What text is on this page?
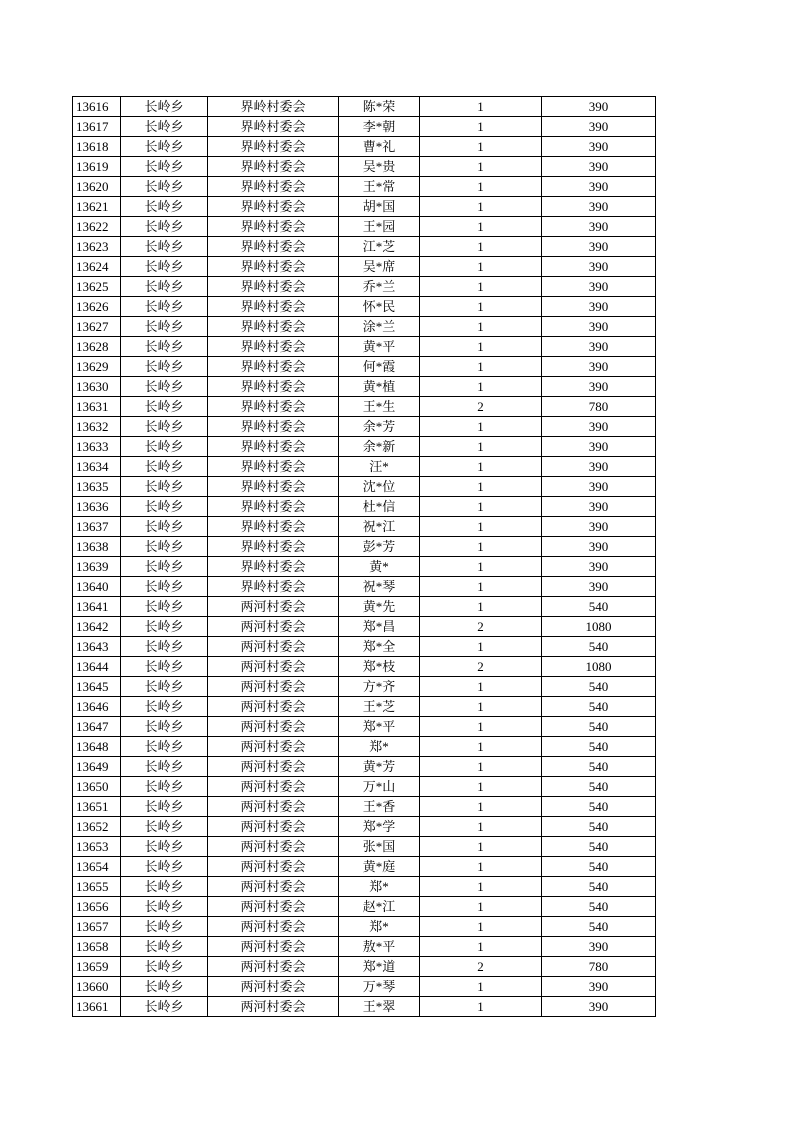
13616	长岭乡	界岭村委会	陈*荣	1	390
13617	长岭乡	界岭村委会	李*朝	1	390
13618	长岭乡	界岭村委会	曹*礼	1	390
13619	长岭乡	界岭村委会	吴*贵	1	390
13620	长岭乡	界岭村委会	王*常	1	390
13621	长岭乡	界岭村委会	胡*国	1	390
13622	长岭乡	界岭村委会	王*园	1	390
13623	长岭乡	界岭村委会	江*芝	1	390
13624	长岭乡	界岭村委会	吴*席	1	390
13625	长岭乡	界岭村委会	乔*兰	1	390
13626	长岭乡	界岭村委会	怀*民	1	390
13627	长岭乡	界岭村委会	涂*兰	1	390
13628	长岭乡	界岭村委会	黄*平	1	390
13629	长岭乡	界岭村委会	何*霞	1	390
13630	长岭乡	界岭村委会	黄*植	1	390
13631	长岭乡	界岭村委会	王*生	2	780
13632	长岭乡	界岭村委会	余*芳	1	390
13633	长岭乡	界岭村委会	余*新	1	390
13634	长岭乡	界岭村委会	汪*	1	390
13635	长岭乡	界岭村委会	沈*位	1	390
13636	长岭乡	界岭村委会	杜*信	1	390
13637	长岭乡	界岭村委会	祝*江	1	390
13638	长岭乡	界岭村委会	彭*芳	1	390
13639	长岭乡	界岭村委会	黄*	1	390
13640	长岭乡	界岭村委会	祝*琴	1	390
13641	长岭乡	两河村委会	黄*先	1	540
13642	长岭乡	两河村委会	郑*昌	2	1080
13643	长岭乡	两河村委会	郑*全	1	540
13644	长岭乡	两河村委会	郑*枝	2	1080
13645	长岭乡	两河村委会	方*齐	1	540
13646	长岭乡	两河村委会	王*芝	1	540
13647	长岭乡	两河村委会	郑*平	1	540
13648	长岭乡	两河村委会	郑*	1	540
13649	长岭乡	两河村委会	黄*芳	1	540
13650	长岭乡	两河村委会	万*山	1	540
13651	长岭乡	两河村委会	王*香	1	540
13652	长岭乡	两河村委会	郑*学	1	540
13653	长岭乡	两河村委会	张*国	1	540
13654	长岭乡	两河村委会	黄*庭	1	540
13655	长岭乡	两河村委会	郑*	1	540
13656	长岭乡	两河村委会	赵*江	1	540
13657	长岭乡	两河村委会	郑*	1	540
13658	长岭乡	两河村委会	敖*平	1	390
13659	长岭乡	两河村委会	郑*道	2	780
13660	长岭乡	两河村委会	万*琴	1	390
13661	长岭乡	两河村委会	王*翠	1	390
